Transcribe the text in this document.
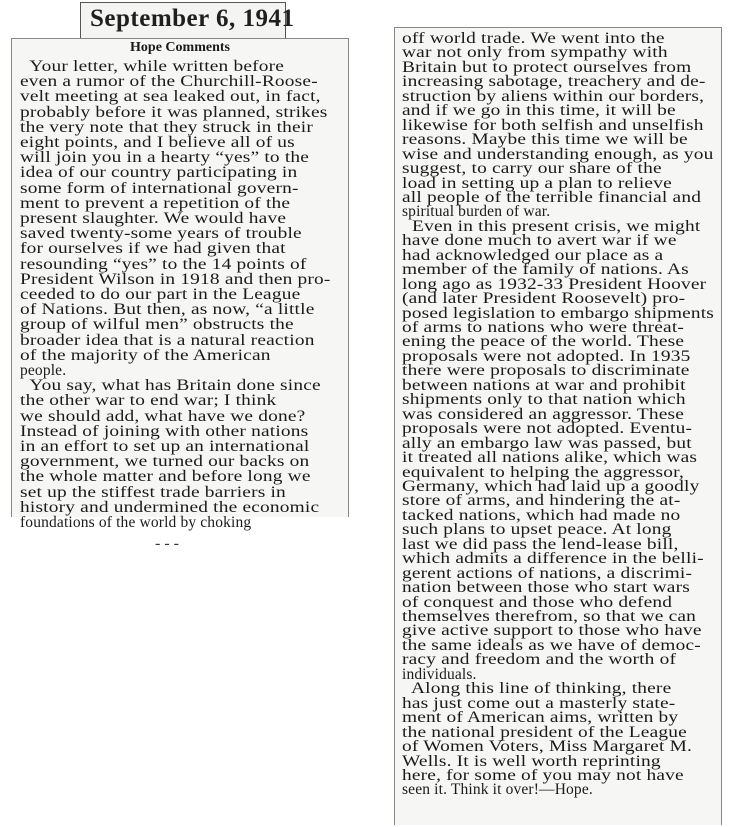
September 6, 1941
Hope Comments
Your letter, while written before
even a rumor of the Churchill-Roose-
velt meeting at sea leaked out, in fact,
probably before it was planned, strikes
the very note that they struck in their
eight points, and I believe all of us
will join you in a hearty “yes” to the
idea of our country participating in
some form of international govern-
ment to prevent a repetition of the
present slaughter. We would have
saved twenty-some years of trouble
for ourselves if we had given that
resounding “yes” to the 14 points of
President Wilson in 1918 and then pro-
ceeded to do our part in the League
of Nations. But then, as now, “a little
group of wilful men” obstructs the
broader idea that is a natural reaction
of the majority of the American
people.
You say, what has Britain done since
the other war to end war; I think
we should add, what have we done?
Instead of joining with other nations
in an effort to set up an international
government, we turned our backs on
the whole matter and before long we
set up the stiffest trade barriers in
history and undermined the economic
foundations of the world by choking
- - -
off world trade. We went into the
war not only from sympathy with
Britain but to protect ourselves from
increasing sabotage, treachery and de-
struction by aliens within our borders,
and if we go in this time, it will be
likewise for both selfish and unselfish
reasons. Maybe this time we will be
wise and understanding enough, as you
suggest, to carry our share of the
load in setting up a plan to relieve
all people of the terrible financial and
spiritual burden of war.
Even in this present crisis, we might
have done much to avert war if we
had acknowledged our place as a
member of the family of nations. As
long ago as 1932-33 President Hoover
(and later President Roosevelt) pro-
posed legislation to embargo shipments
of arms to nations who were threat-
ening the peace of the world. These
proposals were not adopted. In 1935
there were proposals to discriminate
between nations at war and prohibit
shipments only to that nation which
was considered an aggressor. These
proposals were not adopted. Eventu-
ally an embargo law was passed, but
it treated all nations alike, which was
equivalent to helping the aggressor,
Germany, which had laid up a goodly
store of arms, and hindering the at-
tacked nations, which had made no
such plans to upset peace. At long
last we did pass the lend-lease bill,
which admits a difference in the belli-
gerent actions of nations, a discrimi-
nation between those who start wars
of conquest and those who defend
themselves therefrom, so that we can
give active support to those who have
the same ideals as we have of democ-
racy and freedom and the worth of
individuals.
Along this line of thinking, there
has just come out a masterly state-
ment of American aims, written by
the national president of the League
of Women Voters, Miss Margaret M.
Wells. It is well worth reprinting
here, for some of you may not have
seen it. Think it over!—Hope.
